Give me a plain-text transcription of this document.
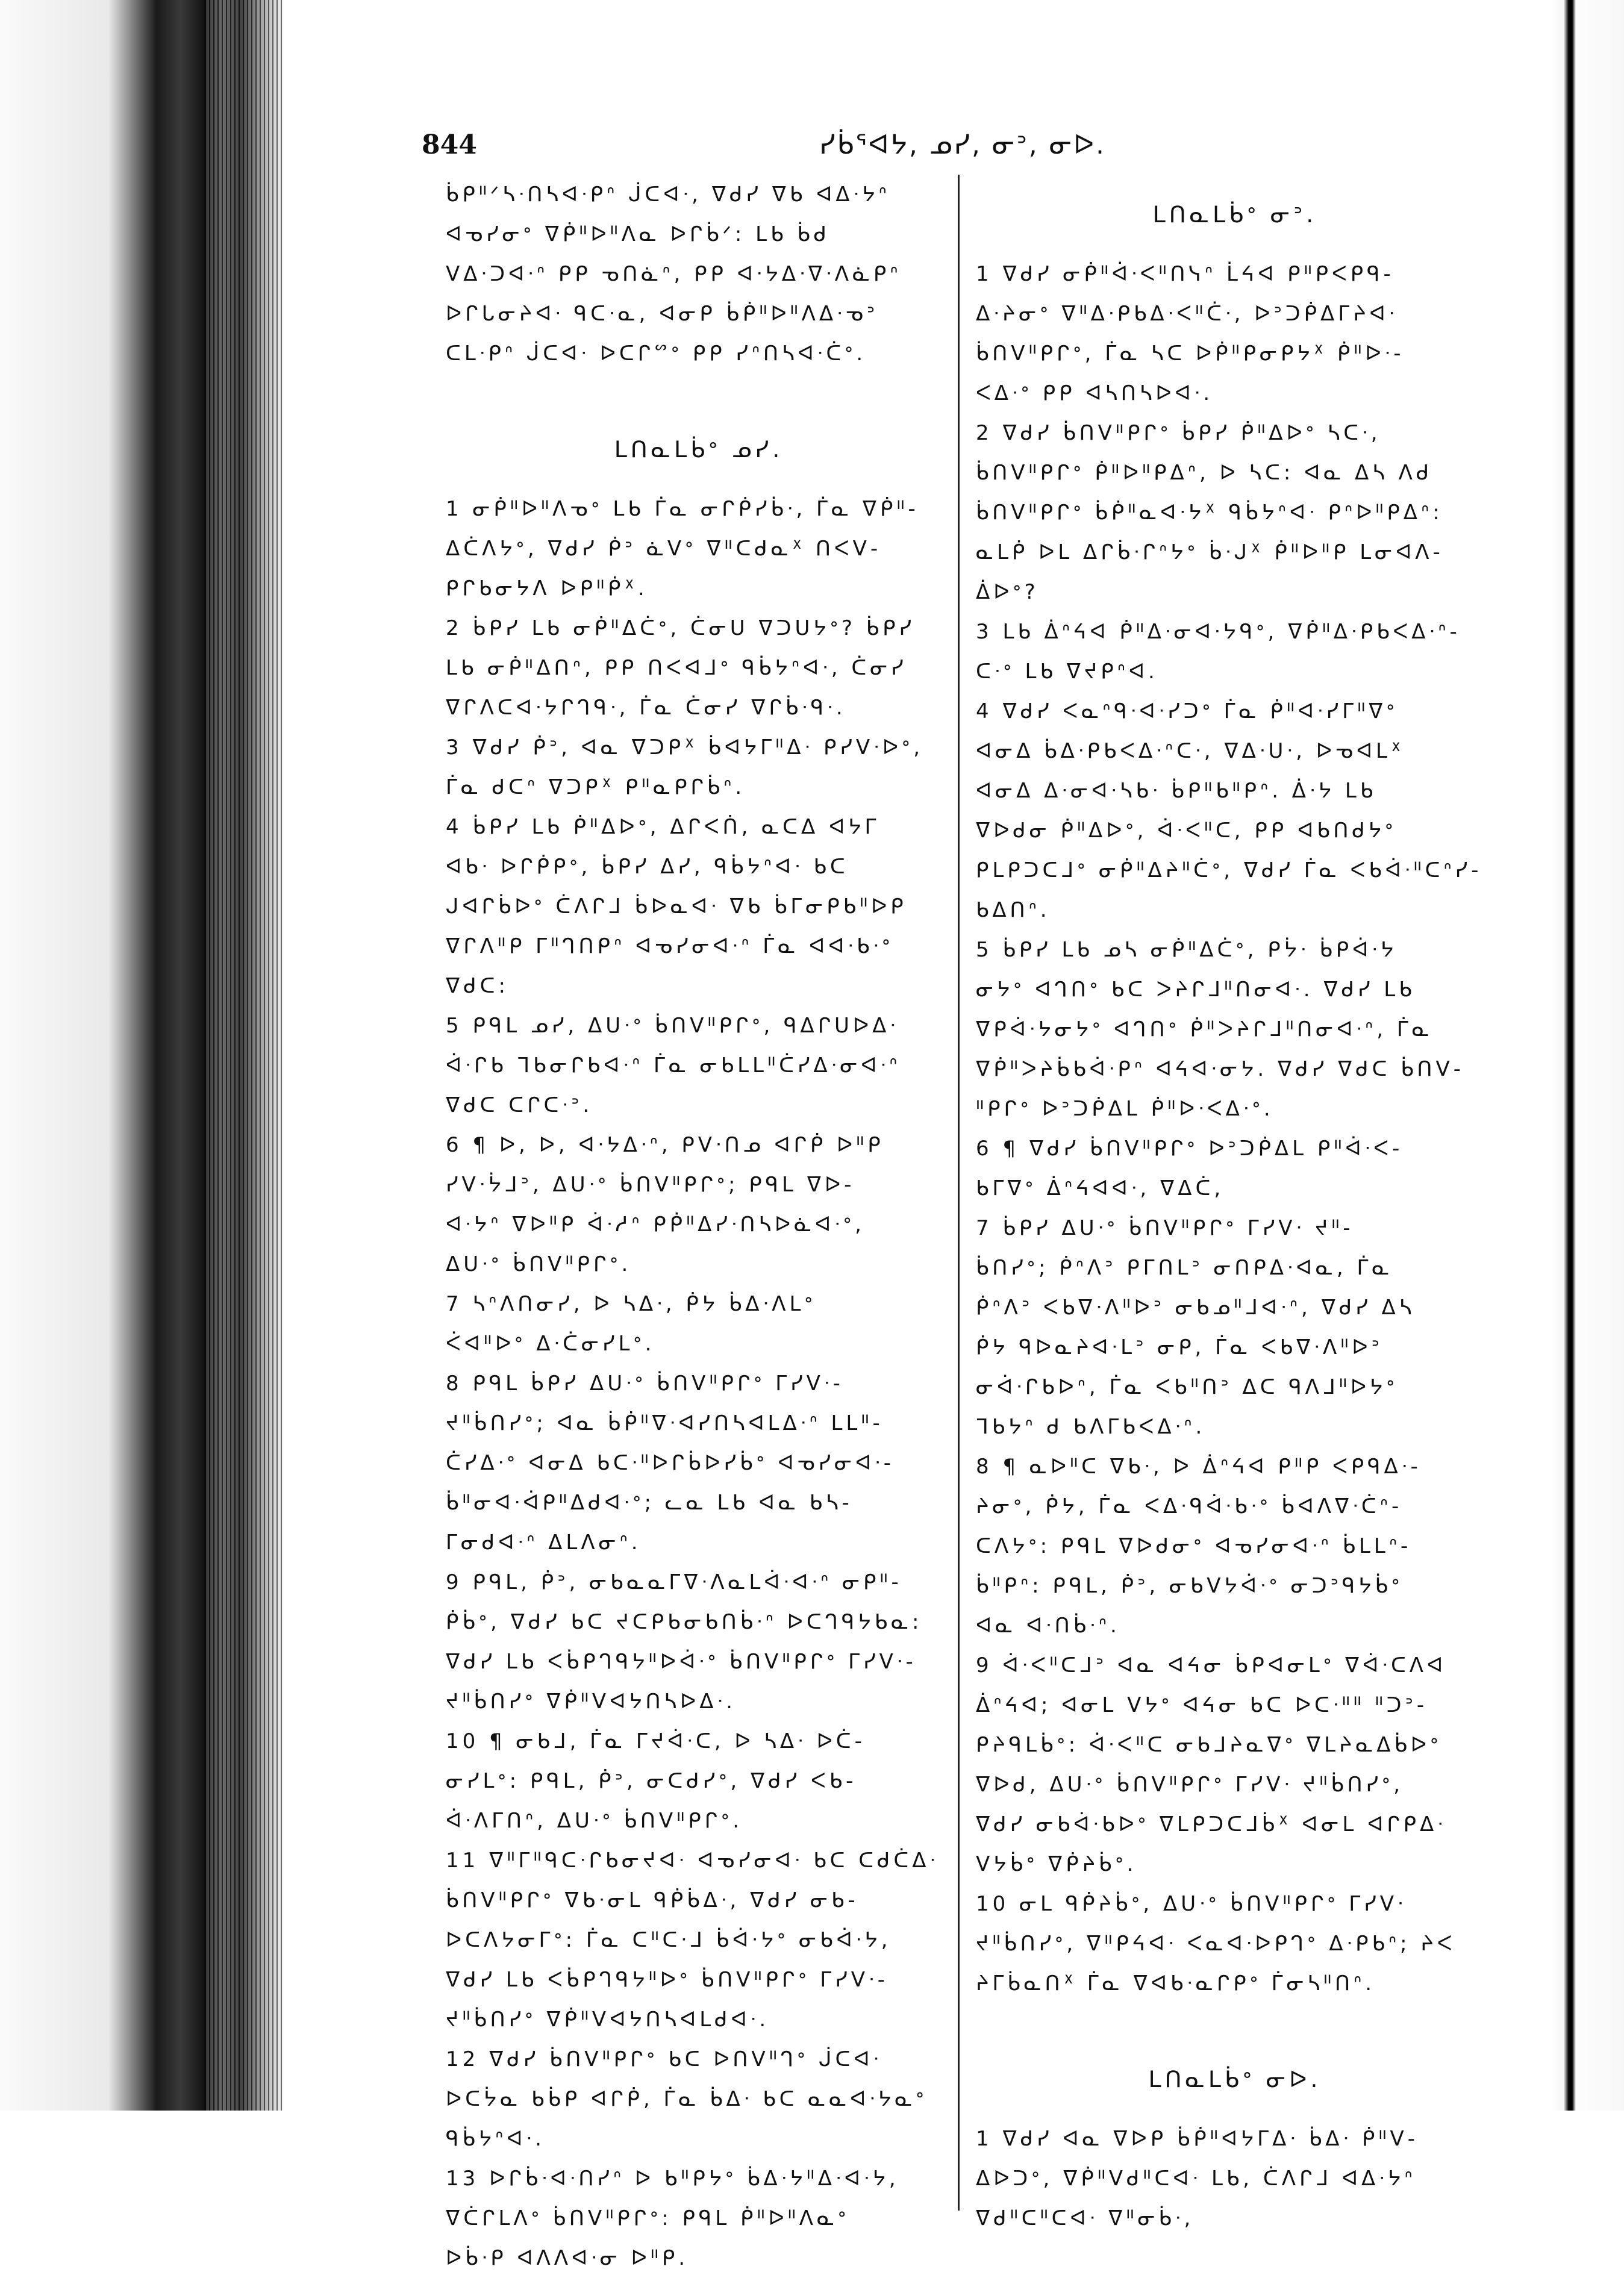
844	ᓯᑳᕐᐊᔭ, ᓄᓯ, ᓂᐣ, ᓂᐅ.
ᑳᑭᐦᐟᓴᐧᑎᓴᐊᐧᑭᐢ ᒎᑕᐊᐧ, ᐁᑯᓯ ᐁᑲ ᐊᐃᐧᔭᐢ
ᐊᓀᓯᓂᐤ ᐁᑮᐦᐅᐦᐱᓇ ᐅᒋᑳᐟ: ᒪᑲ ᑳᑯ
ᐯᐃᐧᑐᐊᐧᐢ ᑭᑭ ᓀᑎᓈᐢ, ᑭᑭ ᐊᐧᔭᐃᐧᐁᐧᐱᓈᑭᐢ
ᐅᒋᒐᓂᔨᐊᐧ ᑫᑕᐧᓇ, ᐊᓂᑭ ᑳᑮᐦᐅᐦᐱᐃᐧᓀᐣ
ᑕᒪᐧᑭᐢ ᒎᑕᐊᐧ ᐅᑕᒋᔥᐤ ᑭᑭ ᓯᐢᑎᓴᐊᐧᑖᐤ.
ᒪᑎᓇᒪᑳᐤ ᓄᓯ.
1 ᓂᑮᐦᐅᐦᐱᓀᐤ ᒪᑲ ᒦᓇ ᓂᒋᑮᓯᑳᐧ, ᒦᓇ ᐁᑮᐦ-
ᐃᑖᐱᔭᐤ, ᐁᑯᓯ ᑮᐣ ᓈᐯᐤ ᐁᐦᑕᑯᓇᕽ ᑎᐸᐯ-
ᑭᒋᑲᓂᔭᐱ ᐅᑭᐦᑮᕽ.
2 ᑳᑭᓯ ᒪᑲ ᓂᑮᐦᐃᑖᐤ, ᑖᓂᑌ ᐁᑐᑌᔭᐤ? ᑳᑭᓯ
ᒪᑲ ᓂᑮᐦᐃᑎᐢ, ᑭᑭ ᑎᐸᐊᒧᐤ ᑫᑳᔭᐢᐊᐧ, ᑖᓂᓯ
ᐁᒋᐱᑕᐊᐧᔭᒋᒉᑫᐧ, ᒦᓇ ᑖᓂᓯ ᐁᒋᑳᐧᑫᐧ.
3 ᐁᑯᓯ ᑮᐣ, ᐊᓇ ᐁᑐᑭᕽ ᑳᐊᔭᒥᐦᐃᐧ ᑭᓯᐯᐧᐅᐤ,
ᒦᓇ ᑯᑕᐢ ᐁᑐᑭᕽ ᑭᐦᓇᑭᒋᑳᐢ.
4 ᑳᑭᓯ ᒪᑲ ᑮᐦᐃᐅᐤ, ᐃᒋᐸᑏ, ᓇᑕᐃ ᐊᔭᒥ
ᐊᑲᐧ ᐅᒋᑮᑭᐤ, ᑳᑭᓯ ᐃᓯ, ᑫᑳᔭᐢᐊᐧ ᑲᑕ
ᒍᐊᒋᑳᐅᐤ ᑖᐱᒋᒧ ᑳᐅᓇᐊᐧ ᐁᑲ ᑳᒥᓂᑭᑲᐦᐅᑭ
ᐁᒋᐱᐦᑭ ᒥᐦᒉᑎᑭᐢ ᐊᓀᓯᓂᐊᐧᐢ ᒦᓇ ᐊᐊᐧᑲᐧᐤ
ᐁᑯᑕ:
5 ᑭᑫᒪ ᓄᓯ, ᐃᑌᐧᐤ ᑳᑎᐯᐦᑭᒋᐤ, ᑫᐃᒋᑌᐅᐃᐧ
ᐋᐧᒋᑲ ᒣᑲᓂᒋᑲᐊᐧᐢ ᒦᓇ ᓂᑲᒪᒪᐦᑖᓯᐃᐧᓂᐊᐧᐢ
ᐁᑯᑕ ᑕᒋᑕᐧᐣ.
6 ¶ ᐅ, ᐅ, ᐊᐧᔭᐃᐧᐢ, ᑭᐯᐧᑎᓄ ᐊᒋᑮ ᐅᐦᑭ
ᓯᐯᐧᔮᒧᐣ, ᐃᑌᐧᐤ ᑳᑎᐯᐦᑭᒋᐤ; ᑭᑫᒪ ᐁᐅ-
ᐊᐧᔭᐢ ᐁᐅᐦᑭ ᐋᐧᓱᐢ ᑭᑮᐦᐃᓯᐧᑎᓴᐅᓈᐊᐧᐤ,
ᐃᑌᐧᐤ ᑳᑎᐯᐦᑭᒋᐤ.
7 ᓴᐢᐱᑎᓂᓯ, ᐅ ᓴᐃᐧ, ᑮᔭ ᑳᐃᐧᐱᒪᐤ
ᐹᐊᐦᐅᐤ ᐃᐧᑖᓂᓯᒪᐤ.
8 ᑭᑫᒪ ᑳᑭᓯ ᐃᑌᐧᐤ ᑳᑎᐯᐦᑭᒋᐤ ᒥᓯᐯᐧ-
ᔪᐦᑳᑎᓯᐤ; ᐊᓇ ᑳᑮᐦᐁᐧᐊᓯᑎᓴᐊᒪᐃᐧᐢ ᒪᒪᐦ-
ᑖᓯᐃᐧᐤ ᐊᓂᐃ ᑲᑕᐧᐦᐅᒋᑳᐅᓯᑳᐤ ᐊᓀᓯᓂᐊᐧ-
ᑳᐦᓂᐊᐧᐋᑭᐦᐃᑯᐊᐧᐤ; ᓚᓇ ᒪᑲ ᐊᓇ ᑲᓴ-
ᒥᓂᑯᐊᐧᐢ ᐃᒪᐱᓂᐢ.
9 ᑭᑫᒪ, ᑮᐣ, ᓂᑲᓇᓇᒥᐁᐧᐱᓇᒪᐋᐧᐊᐧᐢ ᓂᑭᐦ-
ᑮᑳᐤ, ᐁᑯᓯ ᑲᑕ ᔪᑕᑭᑲᓂᑲᑎᑳᐧᐢ ᐅᑕᒉᑫᔭᑲᓇ:
ᐁᑯᓯ ᒪᑲ ᐸᑳᑭᒉᑫᔭᐦᐅᐋᐧᐤ ᑳᑎᐯᐦᑭᒋᐤ ᒥᓯᐯᐧ-
ᔪᐦᑳᑎᓯᐤ ᐁᑮᐦᐯᐊᔭᑎᓴᐅᐃᐧ.
10 ¶ ᓂᑲᒧ, ᒦᓇ ᒥᔪᐋᐧᑕ, ᐅ ᓴᐃᐧ ᐅᑖ-
ᓂᓯᒪᐤ: ᑭᑫᒪ, ᑮᐣ, ᓂᑕᑯᓯᐤ, ᐁᑯᓯ ᐸᑲ-
ᐋᐧᐱᒥᑎᐢ, ᐃᑌᐧᐤ ᑳᑎᐯᐦᑭᒋᐤ.
11 ᐁᐦᒥᐦᑫᑕᐧᒋᑲᓂᔪᐊᐧ ᐊᓀᓯᓂᐊᐧ ᑲᑕ ᑕᑯᑖᐃᐧ
ᑳᑎᐯᐦᑭᒋᐤ ᐁᑲᐧᓂᒪ ᑫᑮᑳᐃᐧ, ᐁᑯᓯ ᓂᑲ-
ᐅᑕᐱᔭᓂᒥᐤ: ᒦᓇ ᑕᐦᑕᐧᒧ ᑳᐋᐧᔭᐤ ᓂᑲᐋᐧᔭ,
ᐁᑯᓯ ᒪᑲ ᐸᑳᑭᒉᑫᔭᐦᐅᐤ ᑳᑎᐯᐦᑭᒋᐤ ᒥᓯᐯᐧ-
ᔪᐦᑳᑎᓯᐤ ᐁᑮᐦᐯᐊᔭᑎᓴᐊᒪᑯᐊᐧ.
12 ᐁᑯᓯ ᑳᑎᐯᐦᑭᒋᐤ ᑲᑕ ᐅᑎᐯᐦᒉᐤ ᒎᑕᐊᐧ
ᐅᑕᔮᓇ ᑲᑳᑭ ᐊᒋᑮ, ᒦᓇ ᑳᐃᐧ ᑲᑕ ᓇᓇᐊᐧᔭᓇᐤ
ᑫᑳᔭᐢᐊᐧ.
13 ᐅᒋᑳᐧᐊᐧᑎᓯᐢ ᐅ ᑲᐦᑭᔭᐤ ᑳᐃᐧᔭᐦᐃᐧᐊᐧᔭ,
ᐁᑖᒋᒪᐱᐤ ᑳᑎᐯᐦᑭᒋᐤ: ᑭᑫᒪ ᑮᐦᐅᐦᐱᓇᐤ
ᐅᑳᐧᑭ ᐊᐱᐱᐊᐧᓂ ᐅᐦᑭ.
ᒪᑎᓇᒪᑳᐤ ᓂᐣ.
1 ᐁᑯᓯ ᓂᑮᐦᐋᐧᐸᐦᑎᓭᐢ ᒫᔦᐊ ᑭᐦᑭᐸᑭᑫ-
ᐃᐧᔨᓂᐤ ᐁᐦᐃᐧᑭᑲᐃᐧᐸᐦᑖᐧ, ᐅᐣᑐᑮᐃᒥᔨᐊᐧ
ᑳᑎᐯᐦᑭᒋᐤ, ᒦᓇ ᓴᑕ ᐅᑮᐦᑭᓂᑭᔭᕽ ᑮᐦᐅᐧ-
ᐸᐃᐧᐤ ᑭᑭ ᐊᓴᑎᓴᐅᐊᐧ.
2 ᐁᑯᓯ ᑳᑎᐯᐦᑭᒋᐤ ᑳᑭᓯ ᑮᐦᐃᐅᐤ ᓴᑕᐧ,
ᑳᑎᐯᐦᑭᒋᐤ ᑮᐦᐅᐦᑭᐃᐢ, ᐅ ᓴᑕ: ᐊᓇ ᐃᓴ ᐱᑯ
ᑳᑎᐯᐦᑭᒋᐤ ᑳᑮᐦᓇᐊᐧᔭᕽ ᑫᑳᔭᐢᐊᐧ ᑭᐢᐅᐦᑭᐃᐢ:
ᓇᒪᑮ ᐅᒪ ᐃᒋᑳᐧᒋᐢᔭᐤ ᑳᐧᒍᕽ ᑮᐦᐅᐦᑭ ᒪᓂᐊᐱ-
ᐄᐅᐤ?
3 ᒪᑲ ᐄᐢᔦᐊ ᑮᐦᐃᐧᓂᐊᐧᔭᑫᐤ, ᐁᑮᐦᐃᐧᑭᑲᐸᐃᐧᐢ-
ᑕᐧᐤ ᒪᑲ ᐁᔪᑭᐢᐊ.
4 ᐁᑯᓯ ᐸᓇᐢᑫᐧᐊᐧᓯᑐᐤ ᒦᓇ ᑮᐦᐊᐧᓯᒥᐦᐁᐤ
ᐊᓂᐃ ᑳᐃᐧᑭᑲᐸᐃᐧᐢᑕᐧ, ᐁᐃᐧᑌᐧ, ᐅᓀᐊᒪᕽ
ᐊᓂᐃ ᐃᐧᓂᐊᐧᓴᑲᐧ ᑳᑭᐦᑲᐦᑭᐢ. ᐄᐧᔭ ᒪᑲ
ᐁᐅᑯᓂ ᑮᐦᐃᐅᐤ, ᐋᐧᐸᐦᑕ, ᑭᑭ ᐊᑲᑎᑯᔭᐤ
ᑭᒪᑭᑐᑕᒧᐤ ᓂᑮᐦᐃᔨᐦᑖᐤ, ᐁᑯᓯ ᒦᓇ ᐸᑲᐋᐧᐦᑕᐢᓯ-
ᑲᐃᑎᐢ.
5 ᑳᑭᓯ ᒪᑲ ᓄᓴ ᓂᑮᐦᐃᑖᐤ, ᑭᔮᐧ ᑳᑭᐋᐧᔭ
ᓂᔭᐤ ᐊᒉᑎᐤ ᑲᑕ ᐳᔨᒋᒧᐦᑎᓂᐊᐧ. ᐁᑯᓯ ᒪᑲ
ᐁᑭᐋᐧᔭᓂᔭᐤ ᐊᒉᑎᐤ ᑮᐦᐳᔨᒋᒧᐦᑎᓂᐊᐧᐢ, ᒦᓇ
ᐁᑮᐦᐳᔨᑳᑲᐋᐧᑭᐢ ᐊᔦᐊᐧᓂᔭ. ᐁᑯᓯ ᐁᑯᑕ ᑳᑎᐯ-
ᐦᑭᒋᐤ ᐅᐣᑐᑮᐃᒪ ᑮᐦᐅᐧᐸᐃᐧᐤ.
6 ¶ ᐁᑯᓯ ᑳᑎᐯᐦᑭᒋᐤ ᐅᐣᑐᑮᐃᒪ ᑭᐦᐋᐧᐸ-
ᑲᒥᐁᐤ ᐄᐢᔦᐊᐊᐧ, ᐁᐃᑖ,
7 ᑳᑭᓯ ᐃᑌᐧᐤ ᑳᑎᐯᐦᑭᒋᐤ ᒥᓯᐯᐧ ᔪᐦ-
ᑳᑎᓯᐤ; ᑮᐢᐱᐣ ᑭᒥᑎᒪᐣ ᓂᑎᑭᐃᐧᐊᓇ, ᒦᓇ
ᑮᐢᐱᐣ ᐸᑲᐁᐧᐱᐦᐅᐣ ᓂᑲᓄᐦᒧᐊᐧᐢ, ᐁᑯᓯ ᐃᓴ
ᑮᔭ ᑫᐅᓇᔨᐊᐧᒪᐣ ᓂᑭ, ᒦᓇ ᐸᑲᐁᐧᐱᐦᐅᐣ
ᓂᐋᐧᒋᑲᐅᐢ, ᒦᓇ ᐸᑲᐦᑎᐣ ᐃᑕ ᑫᐱᒧᐦᐅᔭᐤ
ᒣᑲᔭᐢ ᑯ ᑲᐱᒥᑲᐸᐃᐧᐢ.
8 ¶ ᓇᐅᐦᑕ ᐁᑲᐧ, ᐅ ᐄᐢᔦᐊ ᑭᐦᑭ ᐸᑭᑫᐃᐧ-
ᔨᓂᐤ, ᑮᔭ, ᒦᓇ ᐸᐃᐧᑫᐋᐧᑲᐧᐤ ᑳᐊᐱᐁᐧᑖᐢ-
ᑕᐱᔭᐤ: ᑭᑫᒪ ᐁᐅᑯᓂᐤ ᐊᓀᓯᓂᐊᐧᐢ ᑳᒪᒪᐢ-
ᑳᐦᑭᐢ: ᑭᑫᒪ, ᑮᐣ, ᓂᑲᐯᔭᐋᐧᐤ ᓂᑐᐣᑫᔭᑳᐤ
ᐊᓇ ᐊᐧᑎᑳᐧᐢ.
9 ᐋᐧᐸᐦᑕᒧᐣ ᐊᓇ ᐊᔦᓂ ᑳᑭᐊᓂᒪᐤ ᐁᐋᐧᑕᐱᐊ
ᐄᐢᔦᐊ; ᐊᓂᒪ ᐯᔭᐤ ᐊᔦᓂ ᑲᑕ ᐅᑕᐧᐦᐦ ᐦᑐᐣ-
ᑭᔨᑫᒪᑳᐤ: ᐋᐧᐸᐦᑕ ᓂᑲᒧᔨᓇᐁᐤ ᐁᒪᔨᓇᐃᑳᐅᐤ
ᐁᐅᑯ, ᐃᑌᐧᐤ ᑳᑎᐯᐦᑭᒋᐤ ᒥᓯᐯᐧ ᔪᐦᑳᑎᓯᐤ,
ᐁᑯᓯ ᓂᑲᐋᐧᑲᐅᐤ ᐁᒪᑭᑐᑕᒧᑳᕽ ᐊᓂᒪ ᐊᒋᑭᐃᐧ
ᐯᔭᑳᐤ ᐁᑮᔨᑳᐤ.
10 ᓂᒪ ᑫᑮᔨᑳᐤ, ᐃᑌᐧᐤ ᑳᑎᐯᐦᑭᒋᐤ ᒥᓯᐯᐧ
ᔪᐦᑳᑎᓯᐤ, ᐁᐦᑭᔦᐊᐧ ᐸᓇᐊᐧᐅᑭᒉᐤ ᐃᐧᑭᑲᐢ; ᔨᐸ
ᔨᒥᑳᓇᑎᕽ ᒦᓇ ᐁᐊᑲᐧᓇᒋᑭᐤ ᒦᓂᓴᐦᑎᐢ.
ᒪᑎᓇᒪᑳᐤ ᓂᐅ.
1 ᐁᑯᓯ ᐊᓇ ᐁᐅᑭ ᑳᑮᐦᐊᔭᒥᐃᐧ ᑳᐃᐧ ᑮᐦᐯ-
ᐃᐅᑐᐤ, ᐁᑮᐦᐯᑯᐦᑕᐊᐧ ᒪᑲ, ᑖᐱᒋᒧ ᐊᐃᐧᔭᐢ
ᐁᑯᐦᑕᐦᑕᐊᐧ ᐁᐦᓂᑳᐧ,
